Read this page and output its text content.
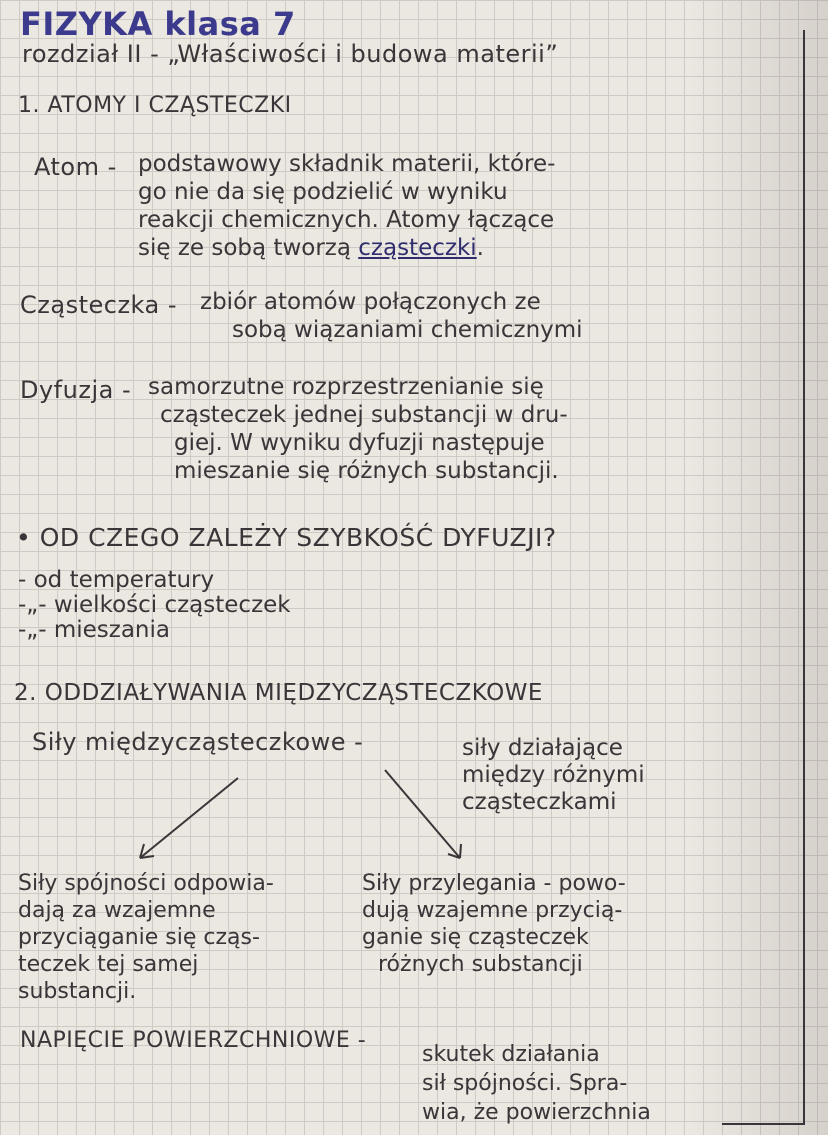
FIZYKA klasa 7
rozdział II - „Właściwości i budowa materii”
1. ATOMY I CZĄSTECZKI
Atom - podstawowy składnik materii, które-
go nie da się podzielić w wyniku
reakcji chemicznych. Atomy łączące
się ze sobą tworzą cząsteczki.
Cząsteczka - zbiór atomów połączonych ze
sobą wiązaniami chemicznymi
Dyfuzja - samorzutne rozprzestrzenianie się
cząsteczek jednej substancji w dru-
giej. W wyniku dyfuzji następuje
mieszanie się różnych substancji.
• OD CZEGO ZALEŻY SZYBKOŚĆ DYFUZJI?
- od temperatury
-„- wielkości cząsteczek
-„- mieszania
2. ODDZIAŁYWANIA MIĘDZYCZĄSTECZKOWE
Siły międzycząsteczkowe -	siły działające
między różnymi
cząsteczkami
Siły spójności odpowia-
dają za wzajemne
przyciąganie się cząs-
teczek tej samej
substancji.
Siły przylegania - powo-
dują wzajemne przycią-
ganie się cząsteczek
różnych substancji
NAPIĘCIE POWIERZCHNIOWE -
skutek działania
sił spójności. Spra-
wia, że powierzchnia
